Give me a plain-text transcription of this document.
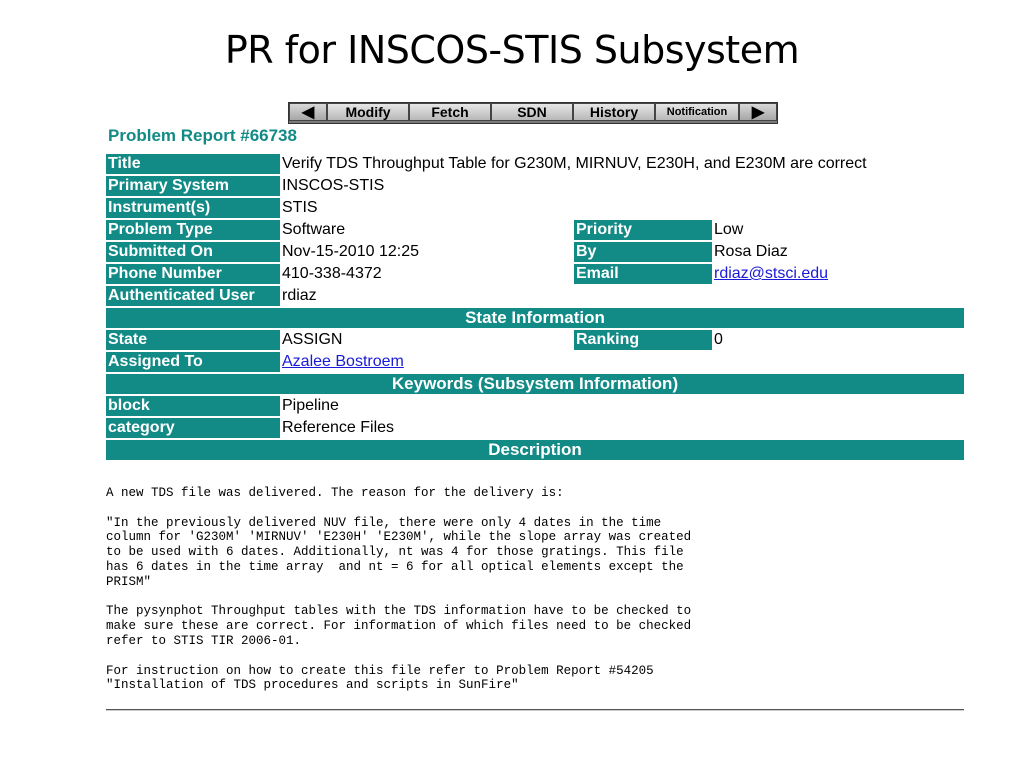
PR for INSCOS-STIS Subsystem
◀	Modify	Fetch	SDN	History	Notification	▶
Problem Report #66738
Title	Verify TDS Throughput Table for G230M, MIRNUV, E230H, and E230M are correct		
Primary System	INSCOS-STIS		
Instrument(s)	STIS		
Problem Type	Software	Priority	Low
Submitted On	Nov-15-2010 12:25	By	Rosa Diaz
Phone Number	410-338-4372	Email	rdiaz@stsci.edu
Authenticated User	rdiaz		
State Information			
State	ASSIGN	Ranking	0
Assigned To	Azalee Bostroem		
Keywords (Subsystem Information)			
block	Pipeline		
category	Reference Files		
Description			
A new TDS file was delivered. The reason for the delivery is:

"In the previously delivered NUV file, there were only 4 dates in the time
column for 'G230M' 'MIRNUV' 'E230H' 'E230M', while the slope array was created
to be used with 6 dates. Additionally, nt was 4 for those gratings. This file
has 6 dates in the time array  and nt = 6 for all optical elements except the
PRISM"

The pysynphot Throughput tables with the TDS information have to be checked to
make sure these are correct. For information of which files need to be checked
refer to STIS TIR 2006-01.

For instruction on how to create this file refer to Problem Report #54205
"Installation of TDS procedures and scripts in SunFire"
